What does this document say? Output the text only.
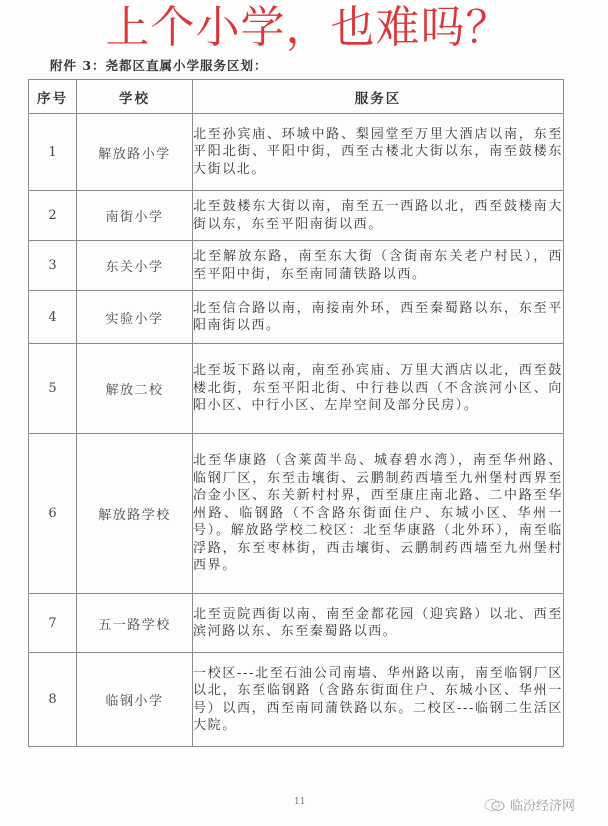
上个小学，也难吗？
附件 3：尧都区直属小学服务区划：
序号	学校	服务区
1	解放路小学	北至孙宾庙、环城中路、梨园堂至万里大酒店以南，东至平阳北街、平阳中街，西至古楼北大街以东，南至鼓楼东大街以北。
2	南街小学	北至鼓楼东大街以南，南至五一西路以北，西至鼓楼南大街以东，东至平阳南街以西。
3	东关小学	北至解放东路，南至东大街（含街南东关老户村民），西至平阳中街，东至南同蒲铁路以西。
4	实验小学	北至信合路以南，南接南外环，西至秦蜀路以东，东至平阳南街以西。
5	解放二校	北至坂下路以南，南至孙宾庙、万里大酒店以北，西至鼓楼北街，东至平阳北街、中行巷以西（不含滨河小区、向阳小区、中行小区、左岸空间及部分民房）。
6	解放路学校	北至华康路（含莱茵半岛、城春碧水湾），南至华州路、临钢厂区，东至击壤街、云鹏制药西墙至九州堡村西界至冶金小区、东关新村村界，西至康庄南北路、二中路至华州路、临钢路（不含路东街面住户、东城小区、华州一号）。解放路学校二校区：北至华康路（北外环），南至临浮路，东至枣林街，西击壤街、云鹏制药西墙至九州堡村西界。
7	五一路学校	北至贡院西街以南、南至金都花园（迎宾路）以北、西至滨河路以东、东至秦蜀路以西。
8	临钢小学	一校区---北至石油公司南墙、华州路以南，南至临钢厂区以北，东至临钢路（含路东街面住户、东城小区、华州一号）以西，西至南同蒲铁路以东。二校区---临钢二生活区大院。
11	临汾经济网
